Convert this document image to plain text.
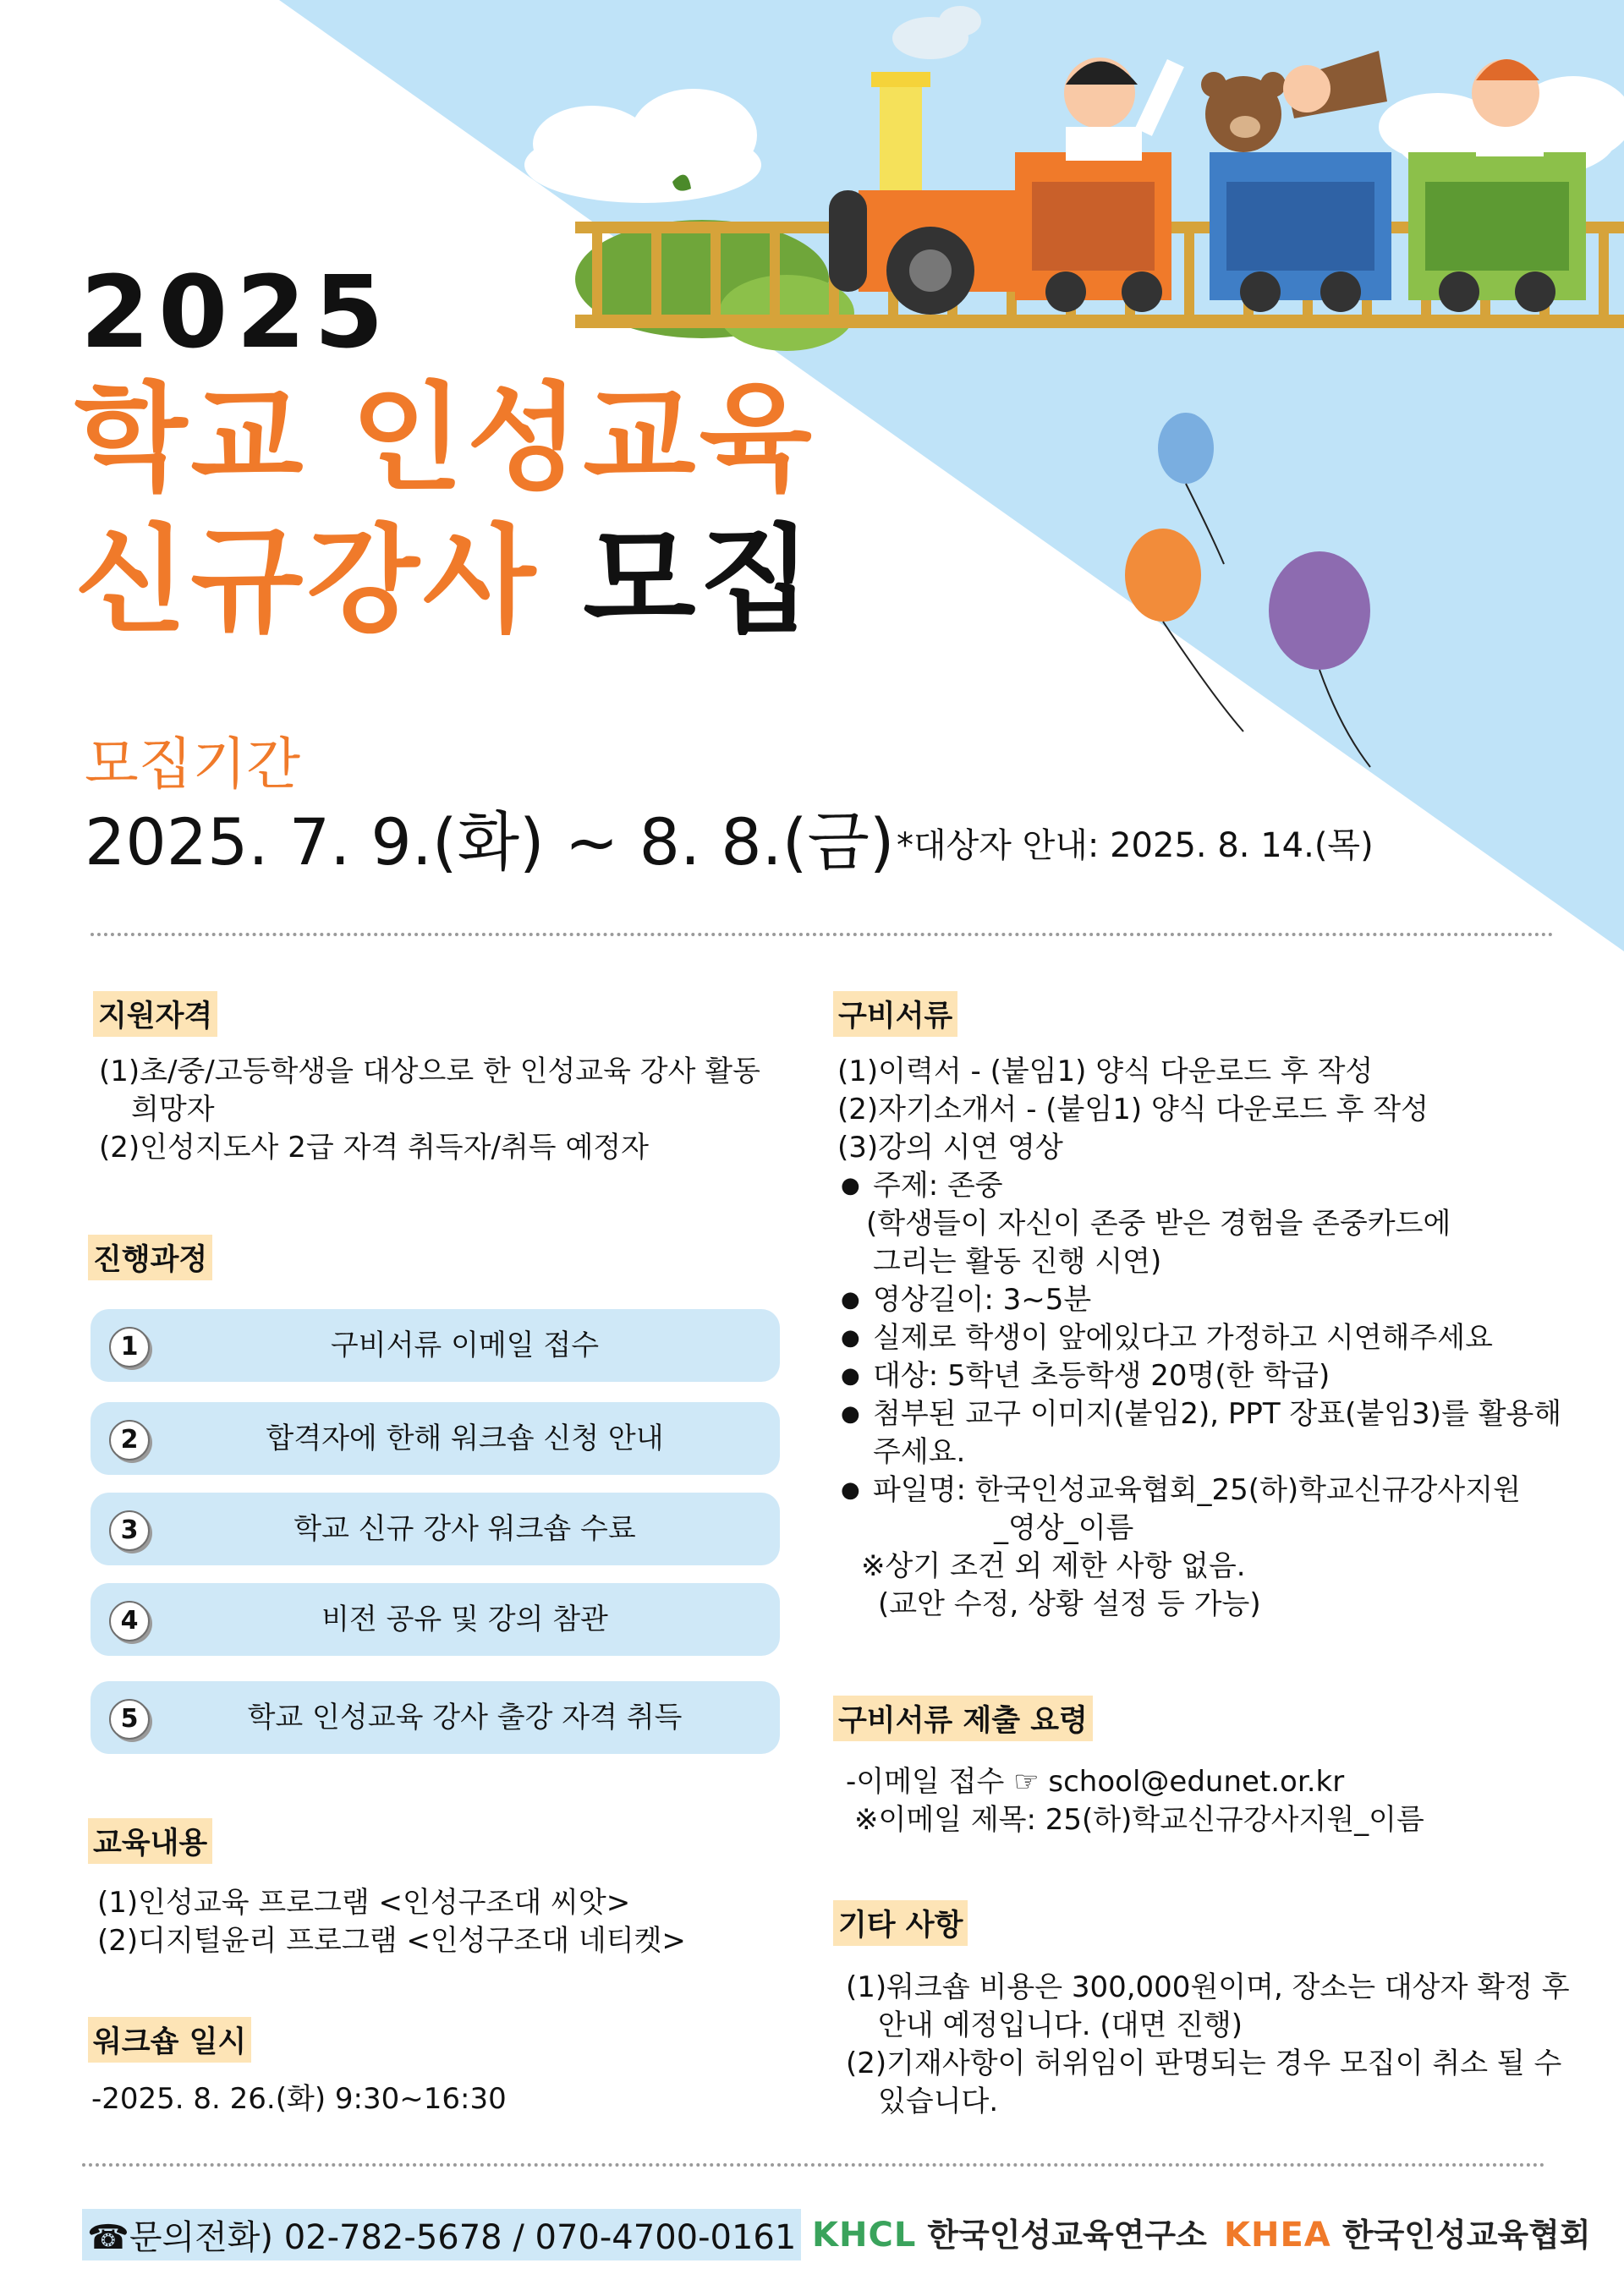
2025
학교 인성교육
신규강사 모집
모집기간
2025. 7. 9.(화) ~ 8. 8.(금) *대상자 안내: 2025. 8. 14.(목)
지원자격
(1)초/중/고등학생을 대상으로 한 인성교육 강사 활동
희망자
(2)인성지도사 2급 자격 취득자/취득 예정자
진행과정
1	구비서류 이메일 접수
2	합격자에 한해 워크숍 신청 안내
3	학교 신규 강사 워크숍 수료
4	비전 공유 및 강의 참관
5	학교 인성교육 강사 출강 자격 취득
교육내용
(1)인성교육 프로그램 <인성구조대 씨앗>
(2)디지털윤리 프로그램 <인성구조대 네티켓>
워크숍 일시
-2025. 8. 26.(화) 9:30~16:30
구비서류
(1)이력서 - (붙임1) 양식 다운로드 후 작성
(2)자기소개서 - (붙임1) 양식 다운로드 후 작성
(3)강의 시연 영상
● 주제: 존중
(학생들이 자신이 존중 받은 경험을 존중카드에
그리는 활동 진행 시연)
● 영상길이: 3~5분
● 실제로 학생이 앞에있다고 가정하고 시연해주세요
● 대상: 5학년 초등학생 20명(한 학급)
● 첨부된 교구 이미지(붙임2), PPT 장표(붙임3)를 활용해
주세요.
● 파일명: 한국인성교육협회_25(하)학교신규강사지원
_영상_이름
※상기 조건 외 제한 사항 없음.
(교안 수정, 상황 설정 등 가능)
구비서류 제출 요령
-이메일 접수 ☞ school@edunet.or.kr
※이메일 제목: 25(하)학교신규강사지원_이름
기타 사항
(1)워크숍 비용은 300,000원이며, 장소는 대상자 확정 후
안내 예정입니다. (대면 진행)
(2)기재사항이 허위임이 판명되는 경우 모집이 취소 될 수
있습니다.
☎문의전화) 02-782-5678 / 070-4700-0161 KHCL 한국인성교육연구소 KHEA 한국인성교육협회
